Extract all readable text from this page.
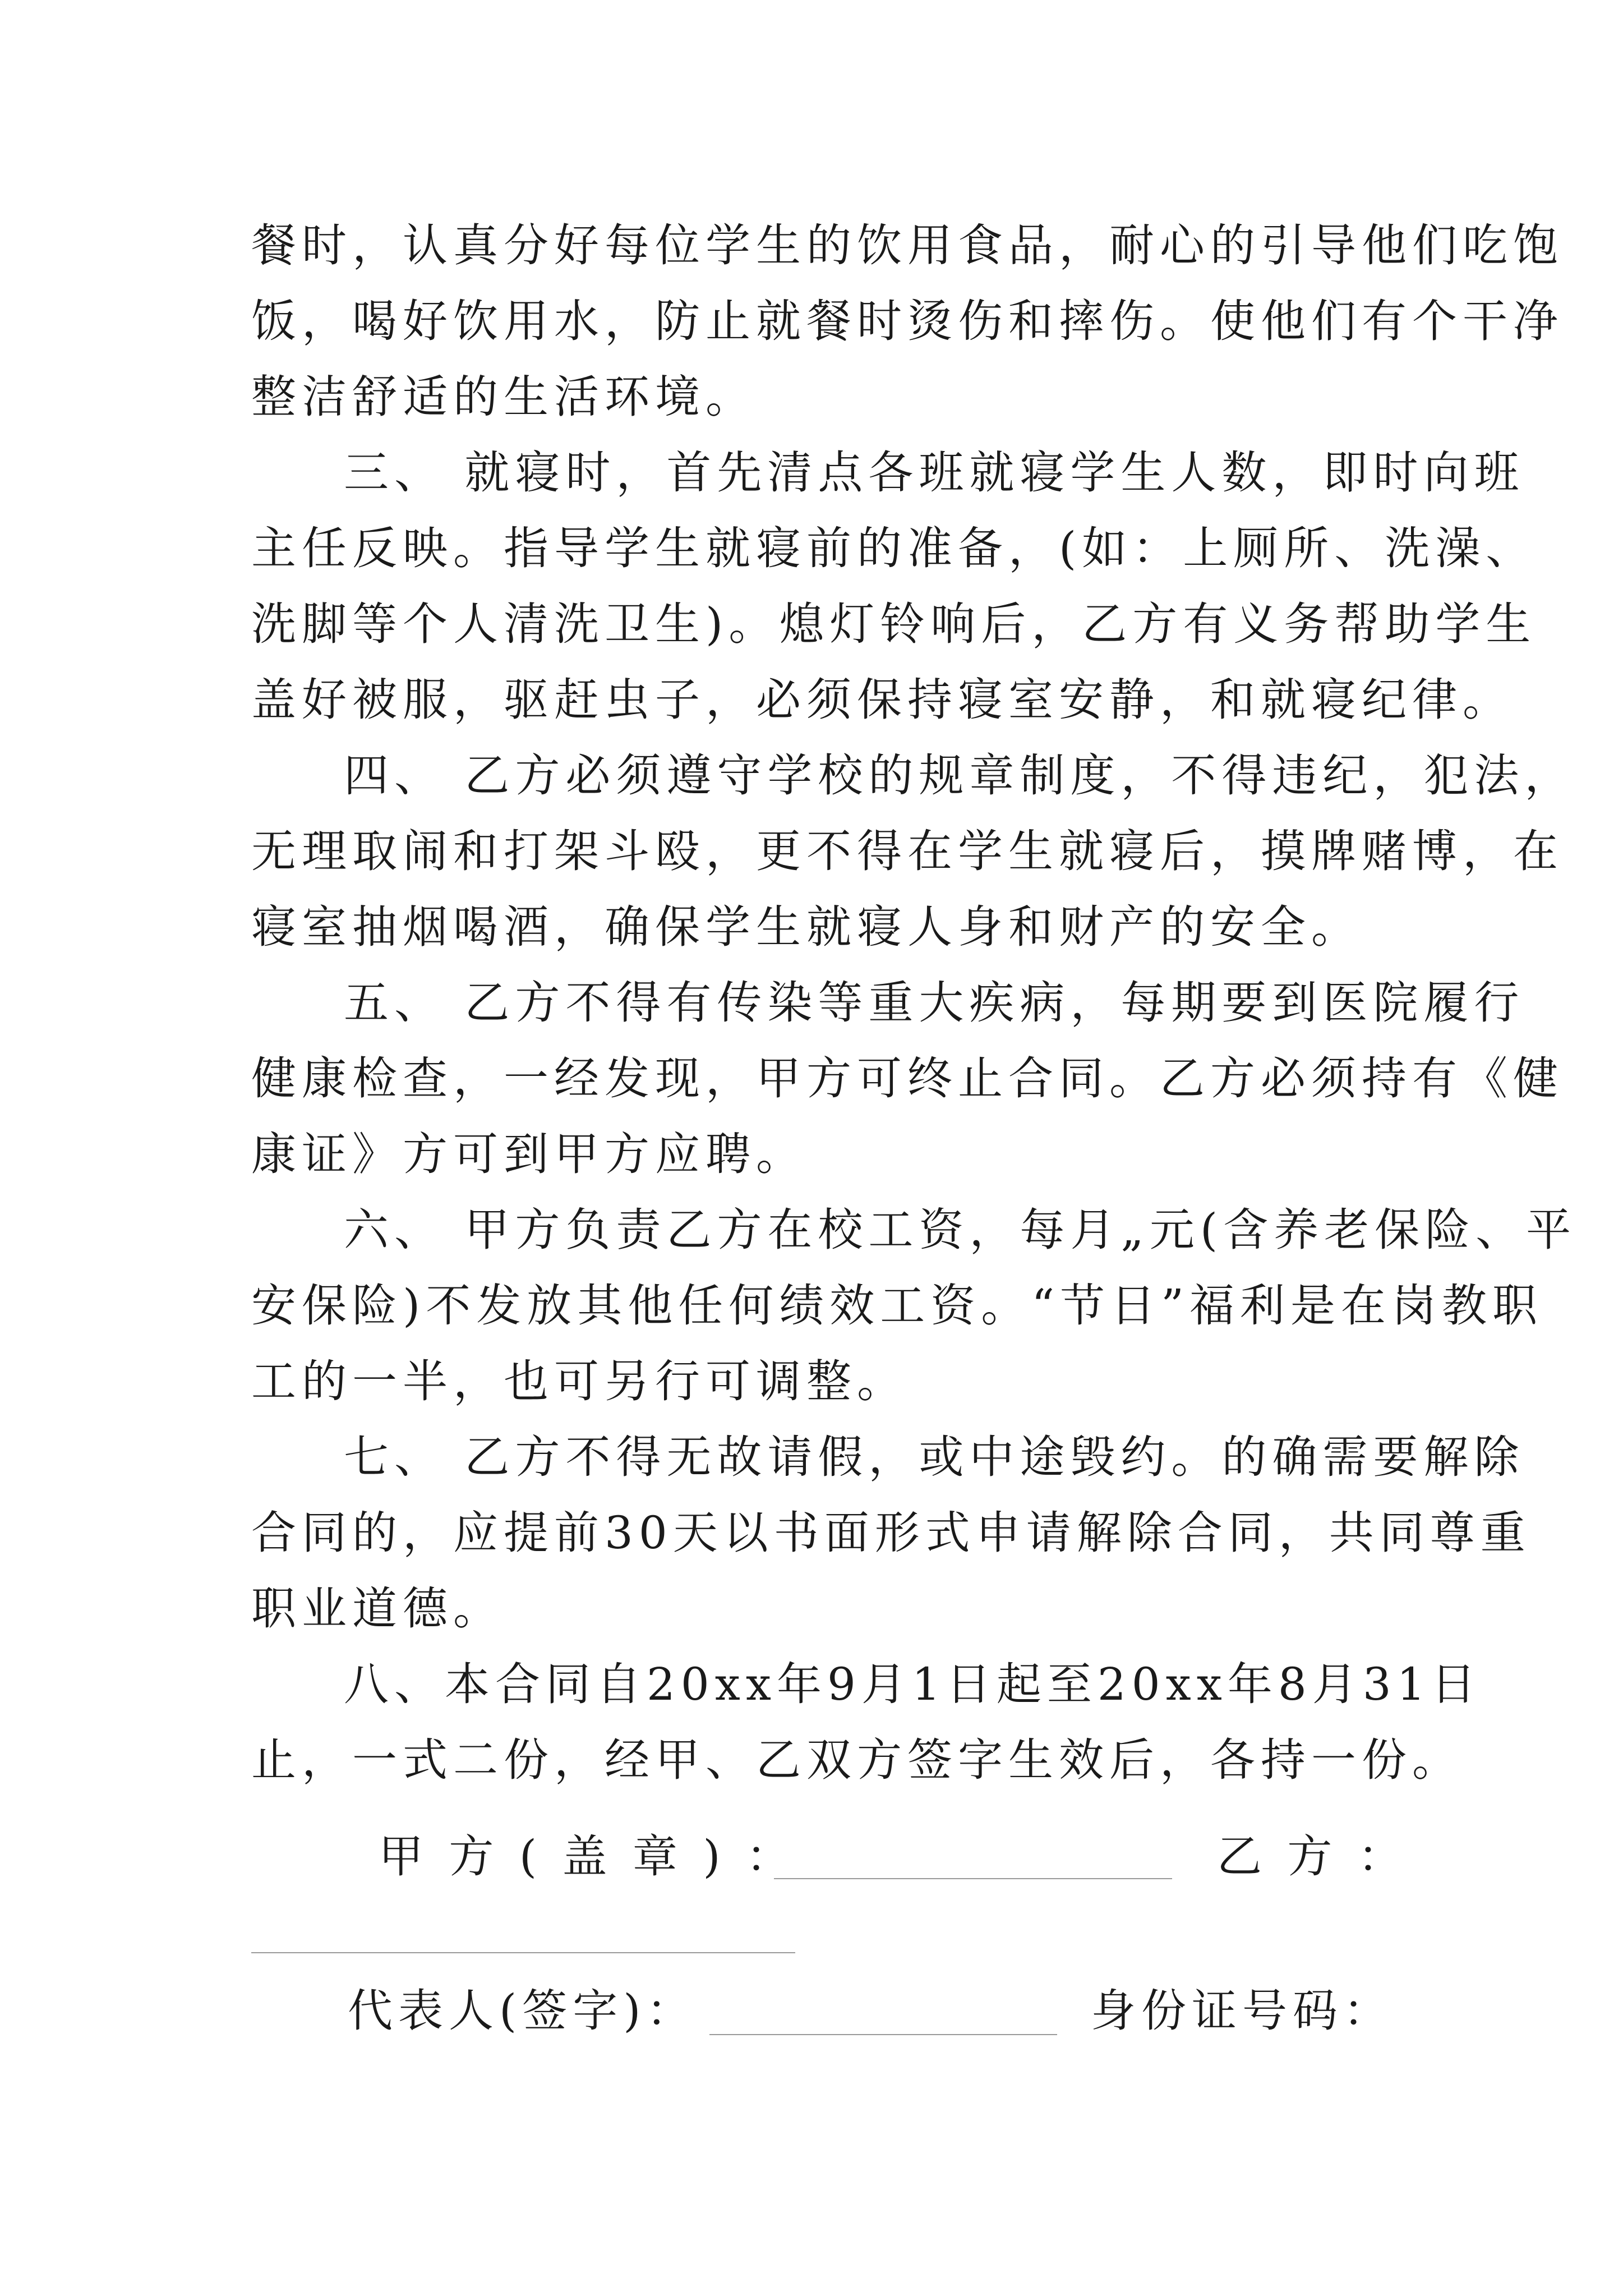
餐时，认真分好每位学生的饮用食品，耐心的引导他们吃饱
饭，喝好饮用水，防止就餐时烫伤和摔伤。使他们有个干净
整洁舒适的生活环境。
三、 就寝时，首先清点各班就寝学生人数，即时向班
主任反映。指导学生就寝前的准备，(如：上厕所、洗澡、
洗脚等个人清洗卫生)。熄灯铃响后，乙方有义务帮助学生
盖好被服，驱赶虫子，必须保持寝室安静，和就寝纪律。
四、 乙方必须遵守学校的规章制度，不得违纪，犯法，
无理取闹和打架斗殴，更不得在学生就寝后，摸牌赌博，在
寝室抽烟喝酒，确保学生就寝人身和财产的安全。
五、 乙方不得有传染等重大疾病，每期要到医院履行
健康检查，一经发现，甲方可终止合同。乙方必须持有《健
康证》方可到甲方应聘。
六、 甲方负责乙方在校工资，每月„元(含养老保险、平
安保险)不发放其他任何绩效工资。“节日”福利是在岗教职
工的一半，也可另行可调整。
七、 乙方不得无故请假，或中途毁约。的确需要解除
合同的，应提前30天以书面形式申请解除合同，共同尊重
职业道德。
八、本合同自20xx年9月1日起至20xx年8月31日
止，一式二份，经甲、乙双方签字生效后，各持一份。
甲 方 ( 盖 章 ) ：	乙 方 ：
代表人(签字)：	身份证号码：
